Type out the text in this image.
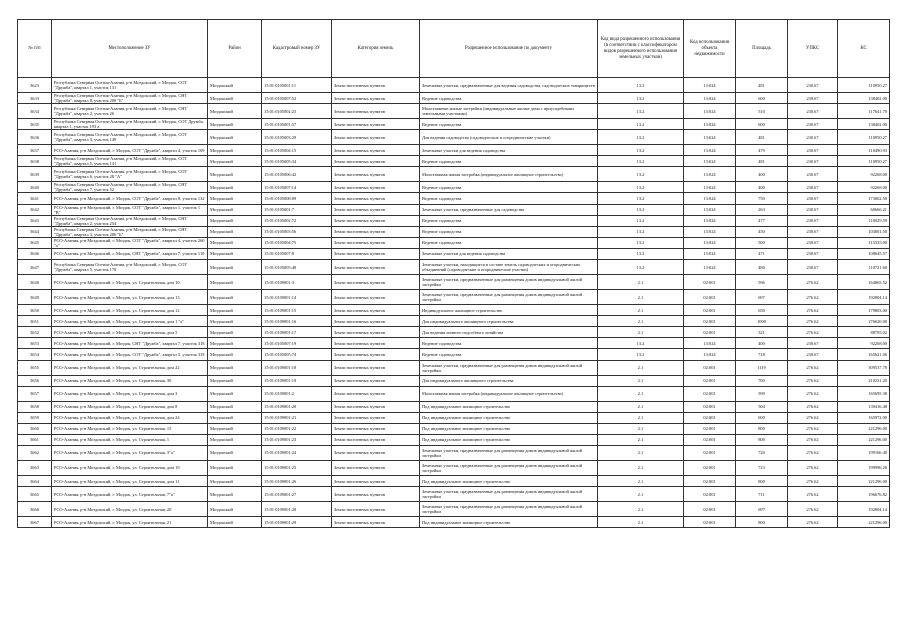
№ п/п	Местоположение ЗУ	Район	Кадастровый номер ЗУ	Категория земель	Разрешенное использование по документу	Код вида разрешенного использования (в соответствии с классификатором видов разрешенного использования земельных участков)	Код использования объекта недвижимости	Площадь	УПКС	КС
3623	Республика Северная Осетия-Алания, р-н Моздокский, г. Моздок, СОТ "Дружба", квартал 1, участок 131	Моздокский	15:01:0105001:11	Земли населенных пунктов	Земельные участки, предназначенные для ведения садоводства, садоводческих товариществ	13.2	13:024	481	230.67	110950.27
3633	Республика Северная Осетия-Алания, р-н Моздокский, г. Моздок, СНТ "Дружба", квартал 8, участок 200 "Б"	Моздокский	15:01:0105007:52	Земли населенных пунктов	Ведение садоводства	13.2	13:024	600	230.67	138402.00
3634	Республика Северная Осетия-Алания, р-н Моздокский, г. Моздок, СНТ "Дружба", квартал 2, участок 26	Моздокский	15:01:0105002:25	Земли населенных пунктов	Малоэтажные жилые застройки (индивидуальные жилые дома с приусадебными земельными участками)	13.2	13:024	510	230.67	117641.70
3635	Республика Северная Осетия-Алания, р-н Моздокский, г. Моздок, СОТ Дружба, квартал 1, участок 193 а	Моздокский	15:01:0105001:57	Земли населенных пунктов	Ведение садоводства	13.2	13:024	600	230.67	138402.00
3636	Республика Северная Осетия-Алания, р-н Моздокский, г. Моздок, СОТ "Дружба", квартал 3, участок 149	Моздокский	15:01:0105003:29	Земли населенных пунктов	Для ведения садоводства (садоводческие и огороднические участки)	13.2	13:024	481	230.67	110950.27
3637	РСО-Алания, р-н Моздокский, г. Моздок, СОТ "Дружба", квартал 4, участок 109	Моздокский	15:01:0105004:15	Земли населенных пунктов	Земельные участки для ведения садоводства	13.2	13:024	479	230.67	110490.93
3638	Республика Северная Осетия-Алания, р-н Моздокский, г. Моздок, СОТ "Дружба", квартал 5, участок 141	Моздокский	15:01:0105005:34	Земли населенных пунктов	Ведение садоводства	13.2	13:024	481	230.67	110950.27
3639	Республика Северная Осетия-Алания, р-н Моздокский, г. Моздок, СОТ "Дружба", квартал 6, участок 28 "А"	Моздокский	15:01:0105006:42	Земли населенных пунктов	Малоэтажная жилая застройка (индивидуальное жилищное строительство)	13.2	13:024	400	230.67	92268.00
3640	Республика Северная Осетия-Алания, р-н Моздокский, г. Моздок, СНТ "Дружба", квартал 7, участок 52	Моздокский	15:01:0105007:14	Земли населенных пунктов	Ведение садоводства	13.2	13:024	400	230.67	92268.00
3641	РСО-Алания, р-н Моздокский, г. Моздок, СОТ "Дружба", квартал 8, участок 132	Моздокский	15:01:0105008:09	Земли населенных пунктов	Ведение садоводства	13.2	13:024	750	230.67	173002.50
3642	РСО-Алания, р-н Моздокский, г. Моздок, СОТ "Дружба", квартал 1, участок 1 "В"	Моздокский	15:01:0105001:7	Земли населенных пунктов	Земельные участки, предназначенные для садоводства	13.2	13:024	263	230.67	60666.21
3643	Республика Северная Осетия-Алания, р-н Моздокский, г. Моздок, СНТ "Дружба", квартал 2, участок 254	Моздокский	15:01:0105002:72	Земли населенных пунктов	Ведение садоводства	13.2	13:024	477	230.67	110029.59
3644	Республика Северная Осетия-Алания, р-н Моздокский, г. Моздок, СНТ "Дружба", квартал 3, участок 206 "Б"	Моздокский	15:01:0105003:56	Земли населенных пунктов	Ведение садоводства	13.2	13:024	450	230.67	103801.50
3645	РСО-Алания, р-н Моздокский, г. Моздок, СОТ "Дружба", квартал 4, участок 260 "а"	Моздокский	15:01:0105004:75	Земли населенных пунктов	Ведение садоводства	13.2	13:024	500	230.67	115335.00
3646	РСО-Алания, р-н Моздокский, г. Моздок, СНТ "Дружба", квартал 7, участок 110	Моздокский	15:01:0105007:8	Земли населенных пунктов	Земельные участки для ведения садоводства	13.2	13:024	471	230.67	108645.57
3647	Республика Северная Осетия-Алания, р-н Моздокский, г. Моздок, СОТ "Дружба", квартал 5, участок 170	Моздокский	15:01:0105005:48	Земли населенных пунктов	Земельные участки, находящиеся в составе земель садоводческих и огороднических объединений (садоводческие и огороднические участки)	13.2	13:024	480	230.67	110721.60
3648	РСО-Алания, р-н Моздокский, г. Моздок, ул. Строительная, дом 10	Моздокский	15:01:0109001:3	Земли населенных пунктов	Земельные участки, предназначенные для размещения домов индивидуальной жилой застройки	2.1	02:001	596	276.62	164865.52
3649	РСО-Алания, р-н Моздокский, г. Моздок, ул. Строительная, дом 13	Моздокский	15:01:0109001:14	Земли населенных пунктов	Земельные участки, предназначенные для размещения домов индивидуальной жилой застройки	2.1	02:001	697	276.62	192804.14
3650	РСО-Алания, р-н Моздокский, г. Моздок, ул. Строительная, дом 12	Моздокский	15:01:0109001:15	Земли населенных пунктов	Индивидуальное жилищное строительство	2.1	02:001	650	276.62	179803.00
3651	РСО-Алания, р-н Моздокский, г. Моздок, ул. Строительная, дом 1 "а"	Моздокский	15:01:0109001:16	Земли населенных пунктов	Для индивидуального жилищного строительства	2.1	02:001	1000	276.62	276620.00
3652	РСО-Алания, р-н Моздокский, г. Моздок, ул. Строительная, дом 5	Моздокский	15:01:0109001:17	Земли населенных пунктов	Для ведения личного подсобного хозяйства	2.1	02:001	321	276.62	88795.02
3653	РСО-Алания, р-н Моздокский, г. Моздок, СНТ "Дружба", квартал 7, участок 318	Моздокский	15:01:0105007:19	Земли населенных пунктов	Ведение садоводства	13.2	13:024	400	230.67	92268.00
3654	РСО-Алания, р-н Моздокский, г. Моздок, СОТ "Дружба", квартал 5, участок 319	Моздокский	15:01:0105005:74	Земли населенных пунктов	Ведение садоводства	13.2	13:024	718	230.67	165621.06
3655	РСО-Алания, р-н Моздокский, г. Моздок, ул. Строительная, дом 22	Моздокский	15:01:0109001:18	Земли населенных пунктов	Земельные участки, предназначенные для размещения домов индивидуальной жилой застройки	2.1	02:001	1119	276.62	309537.78
3656	РСО-Алания, р-н Моздокский, г. Моздок, ул. Строительная, 30	Моздокский	15:01:0109001:19	Земли населенных пунктов	Для индивидуального жилищного строительства	2.1	02:001	760	276.62	210231.20
3657	РСО-Алания, р-н Моздокский, г. Моздок, ул. Строительная, дом 3	Моздокский	15:01:0109001:2	Земли населенных пунктов	Малоэтажная жилая застройка (индивидуальное жилищное строительство)	2.1	02:001	599	276.62	165695.38
3658	РСО-Алания, р-н Моздокский, г. Моздок, ул. Строительная, дом 8	Моздокский	15:01:0109001:20	Земли населенных пунктов	Под индивидуальное жилищное строительство	2.1	02:001	504	276.62	139416.48
3659	РСО-Алания, р-н Моздокский, г. Моздок, ул. Строительная, дом 24	Моздокский	15:01:0109001:21	Земли населенных пунктов	Под индивидуальное жилищное строительство	2.1	02:001	600	276.62	165972.00
3660	РСО-Алания, р-н Моздокский, г. Моздок, ул. Строительная, 15	Моздокский	15:01:0109001:22	Земли населенных пунктов	Под индивидуальное жилищное строительство	2.1	02:001	800	276.62	221296.00
3661	РСО-Алания, р-н Моздокский, г. Моздок, ул. Строительная, 1	Моздокский	15:01:0109001:23	Земли населенных пунктов	Под индивидуальное жилищное строительство	2.1	02:001	800	276.62	221296.00
3662	РСО-Алания, р-н Моздокский, г. Моздок, ул. Строительная, 3"а"	Моздокский	15:01:0109001:24	Земли населенных пунктов	Земельные участки, предназначенные для размещения домов индивидуальной жилой застройки	2.1	02:001	720	276.62	199166.40
3663	РСО-Алания, р-н Моздокский, г. Моздок, ул. Строительная, дом 19	Моздокский	15:01:0109001:25	Земли населенных пунктов	Земельные участки, предназначенные для размещения домов индивидуальной жилой застройки	2.1	02:001	723	276.62	199996.26
3664	РСО-Алания, р-н Моздокский, г. Моздок, ул. Строительная, дом 11	Моздокский	15:01:0109001:26	Земли населенных пунктов	Под индивидуальное жилищное строительство	2.1	02:001	800	276.62	221296.00
3665	РСО-Алания, р-н Моздокский, г. Моздок, ул. Строительная, 7"а"	Моздокский	15:01:0109001:27	Земли населенных пунктов	Земельные участки, предназначенные для размещения домов индивидуальной жилой застройки	2.1	02:001	711	276.62	196676.82
3666	РСО-Алания, р-н Моздокский, г. Моздок, ул. Строительная, 20	Моздокский	15:01:0109001:28	Земли населенных пунктов	Земельные участки, предназначенные для размещения домов индивидуальной жилой застройки	2.1	02:001	697	276.62	192804.14
3667	РСО-Алания, р-н Моздокский, г. Моздок, ул. Строительная, 21	Моздокский	15:01:0109001:29	Земли населенных пунктов	Под индивидуальное жилищное строительство	2.1	02:001	800	276.62	221296.00
